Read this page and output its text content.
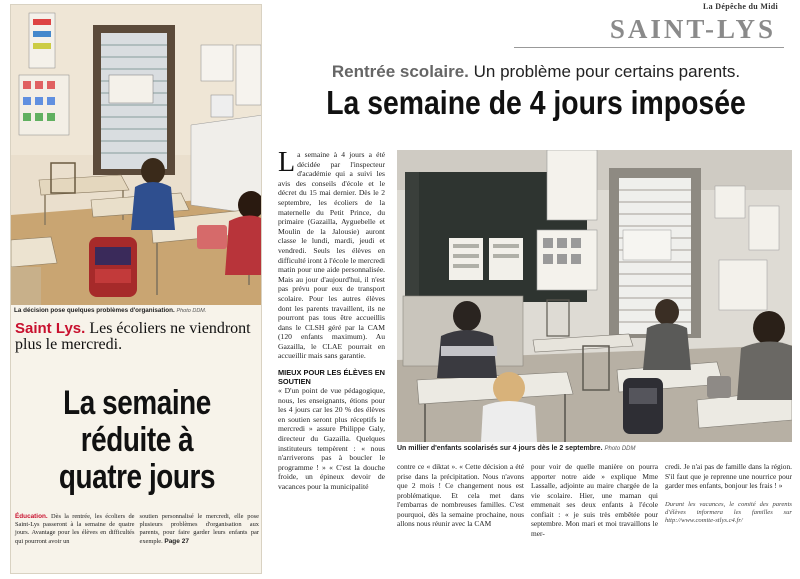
La décision pose quelques problèmes d'organisation. Photo DDM.
Saint Lys. Les écoliers ne viendront plus le mercredi.
La semaine réduite à quatre jours

Éducation. Dès la rentrée, les écoliers de Saint-Lys passeront à la semaine de quatre jours. Avantage pour les élèves en difficultés qui pourront avoir un

soutien personnalisé le mercredi, elle pose plusieurs problèmes d'organisation aux parents, pour faire garder leurs enfants par exemple. Page 27

La Dépêche du Midi
SAINT-LYS
Rentrée scolaire. Un problème pour certains parents.
La semaine de 4 jours imposée
L a semaine à 4 jours a été décidée par l'inspecteur d'académie qui a suivi les avis des conseils d'école et le décret du 15 mai dernier. Dès le 2 septembre, les écoliers de la maternelle du Petit Prince, du primaire (Gazailla, Ayguebelle et Moulin de la Jalousie) auront classe le lundi, mardi, jeudi et vendredi. Seuls les élèves en difficulté iront à l'école le mercredi matin pour une aide personnalisée. Mais au jour d'aujourd'hui, il n'est pas prévu pour eux de transport scolaire. Pour les autres élèves dont les parents travaillent, ils ne pourront pas tous être accueillis dans le CLSH géré par la CAM (120 enfants maximum). Au Gazailla, le CLAE pourrait en accueillir mais sans garantie.
MIEUX POUR LES ÉLÈVES EN SOUTIEN
« D'un point de vue pédagogique, nous, les enseignants, étions pour les 4 jours car les 20 % des élèves en soutien seront plus réceptifs le mercredi » assure Philippe Galy, directeur du Gazailla. Quelques instituteurs tempèrent : « nous n'arriverons pas à boucler le programme ! » « C'est la douche froide, un épineux devoir de vacances pour la municipalité
Un millier d'enfants scolarisés sur 4 jours dès le 2 septembre. Photo DDM

contre ce « diktat ». « Cette décision a été prise dans la précipitation. Nous n'avons que 2 mois ! Ce changement nous est problématique. Et cela met dans l'embarras de nombreuses familles. C'est pourquoi, dès la semaine prochaine, nous allons nous réunir avec la CAM

pour voir de quelle manière on pourra apporter notre aide » explique Mme Lassalle, adjointe au maire chargée de la vie scolaire. Hier, une maman qui emmenait ses deux enfants à l'école confiait : « je suis très embêtée pour septembre. Mon mari et moi travaillons le mer-

credi. Je n'ai pas de famille dans la région. S'il faut que je reprenne une nourrice pour garder mes enfants, bonjour les frais ! »
Durant les vacances, le comité des parents d'élèves informera les familles sur http://www.comite-stlys.c4.fr/
